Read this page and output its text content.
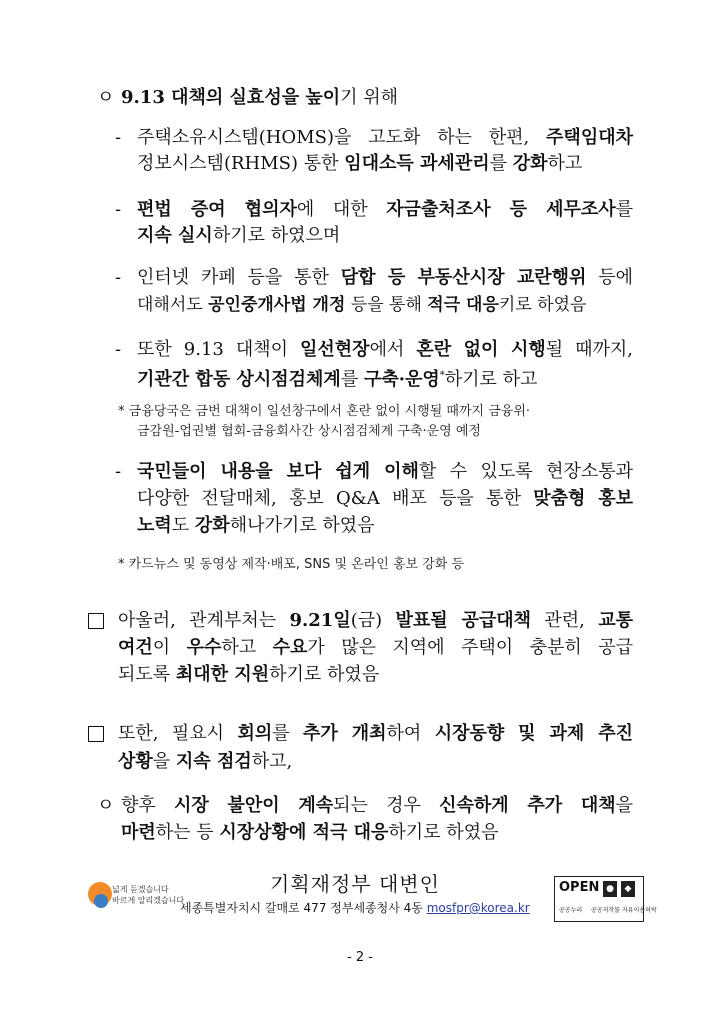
ㅇ 9.13 대책의 실효성을 높이기 위해
- 주택소유시스템(HOMS)을 고도화 하는 한편, 주택임대차
정보시스템(RHMS) 통한 임대소득 과세관리를 강화하고
- 편법 증여 협의자에 대한 자금출처조사 등 세무조사를
지속 실시하기로 하였으며
- 인터넷 카페 등을 통한 담합 등 부동산시장 교란행위 등에
대해서도 공인중개사법 개정 등을 통해 적극 대응키로 하였음
- 또한 9.13 대책이 일선현장에서 혼란 없이 시행될 때까지,
기관간 합동 상시점검체계를 구축·운영*하기로 하고
* 금융당국은 금번 대책이 일선창구에서 혼란 없이 시행될 때까지 금융위·
금감원-업권별 협회-금융회사간 상시점검체계 구축·운영 예정
- 국민들이 내용을 보다 쉽게 이해할 수 있도록 현장소통과
다양한 전달매체, 홍보 Q&A 배포 등을 통한 맞춤형 홍보
노력도 강화해나가기로 하였음
* 카드뉴스 및 동영상 제작·배포, SNS 및 온라인 홍보 강화 등
아울러, 관계부처는 9.21일(금) 발표될 공급대책 관련, 교통
여건이 우수하고 수요가 많은 지역에 주택이 충분히 공급
되도록 최대한 지원하기로 하였음
또한, 필요시 회의를 추가 개최하여 시장동향 및 과제 추진
상황을 지속 점검하고,
ㅇ 향후 시장 불안이 계속되는 경우 신속하게 추가 대책을
마련하는 등 시장상황에 적극 대응하기로 하였음
넓게 듣겠습니다
바르게 알리겠습니다
기획재정부 대변인
세종특별자치시 갈매로 477 정부세종청사 4동 mosfpr@korea.kr
OPEN ●	◆
공공누리 공공저작물 자유이용허락
- 2 -
